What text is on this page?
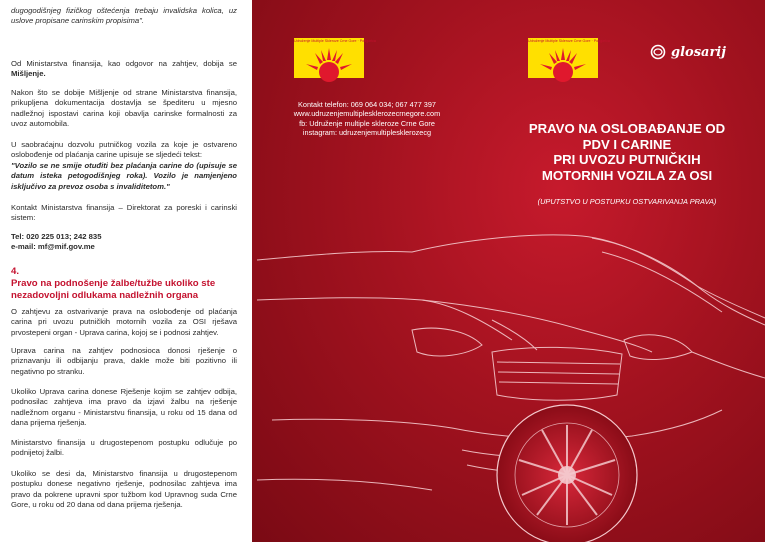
dugogodišnjeg fizičkog oštećenja trebaju invalidska kolica, uz uslove propisane carinskim propisima".

Od Ministarstva finansija, kao odgovor na zahtjev, dobija se Mišljenje.

Nakon što se dobije Mišljenje od strane Ministarstva finansija, prikupljena dokumentacija dostavlja se špediteru u mjesno nadležnoj ispostavi carina koji obavlja carinske formalnosti za uvoz automobila.

U saobraćajnu dozvolu putničkog vozila za koje je ostvareno oslobođenje od plaćanja carine upisuje se sljedeći tekst:

"Vozilo se ne smije otuđiti bez plaćanja carine do (upisuje se datum isteka petogodišnjeg roka). Vozilo je namjenjeno isključivo za prevoz osoba s invaliditetom."

Kontakt Ministarstva finansija – Direktorat za poreski i carinski sistem:

Tel: 020 225 013; 242 835

e-mail: mf@mif.gov.me

4.
Pravo na podnošenje žalbe/tužbe ukoliko ste nezadovoljni odlukama nadležnih organa

O zahtjevu za ostvarivanje prava na oslobođenje od plaćanja carina pri uvozu putničkih motornih vozila za OSI rješava prvostepeni organ - Uprava carina, kojoj se i podnosi zahtjev.

Uprava carina na zahtjev podnosioca donosi rješenje o priznavanju ili odbijanju prava, dakle može biti pozitivno ili negativno po stranku.

Ukoliko Uprava carina donese Rješenje kojim se zahtjev odbija, podnosilac zahtjeva ima pravo da izjavi žalbu na rješenje nadležnom organu - Ministarstvu finansija, u roku od 15 dana od dana prijema rješenja.

Ministarstvo finansija u drugostepenom postupku odlučuje po podnijetoj žalbi.

Ukoliko se desi da, Ministarstvo finansija u drugostepenom postupku donese negativno rješenje, podnosilac zahtjeva ima pravo da pokrene upravni spor tužbom kod Upravnog suda Crne Gore, u roku od 20 dana od dana prijema rješenja.

Udruženje Multiple Skleroze Crne Gore · Podgorica	Udruženje Multiple Skleroze Crne Gore · Podgorica
Kontakt telefon: 069 064 034; 067 477 397
www.udruzenjemultiplesklerozecrnegore.com
fb: Udruženje multiple skleroze Crne Gore
instagram: udruzenjemultiplesklerozecg
glosarij
PRAVO NA OSLOBAĐANJE OD
PDV I CARINE
PRI UVOZU PUTNIČKIH
MOTORNIH VOZILA ZA OSI
(UPUTSTVO U POSTUPKU OSTVARIVANJA PRAVA)
